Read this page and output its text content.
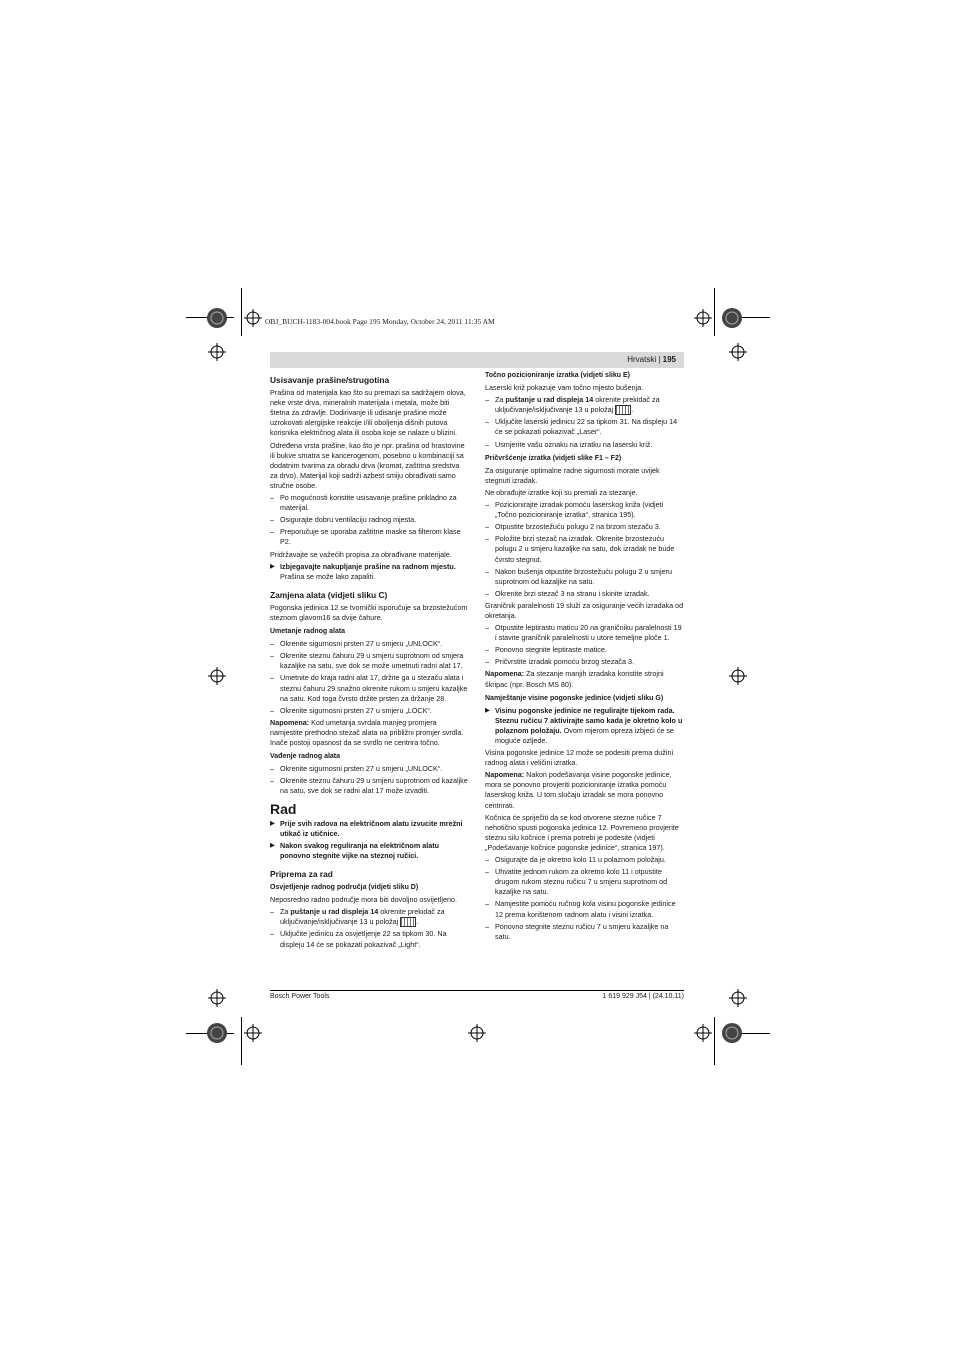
OBJ_BUCH-1183-004.book Page 195 Monday, October 24, 2011 11:35 AM
Hrvatski | 195
Usisavanje prašine/strugotina

Prašina od materijala kao što su premazi sa sadržajem olova, neke vrste drva, mineralnih materijala i metala, može biti štetna za zdravlje. Dodirivanje ili udisanje prašine može uzrokovati alergijske reakcije i/ili oboljenja dišnih putova korisnika električnog alata ili osoba koje se nalaze u blizini.

Određena vrsta prašine, kao što je npr. prašina od hrastovine ili bukve smatra se kancerogenom, posebno u kombinaciji sa dodatnim tvarima za obradu drva (kromat, zaštitna sredstva za drvo). Materijal koji sadrži azbest smiju obrađivati samo stručne osobe.

– Po mogućnosti koristite usisavanje prašine prikladno za materijal.

– Osigurajte dobru ventilaciju radnog mjesta.

– Preporučuje se uporaba zaštitne maske sa filterom klase P2.

Pridržavajte se važećih propisa za obrađivane materijale.

▶ Izbjegavajte nakupljanje prašine na radnom mjestu. Prašina se može lako zapaliti.

Zamjena alata (vidjeti sliku C)

Pogonska jedinica 12 se tvornički isporučuje sa brzostežućom steznom glavom16 sa dvije čahure.

Umetanje radnog alata

– Okrenite sigurnosni prsten 27 u smjeru „UNLOCK“.

– Okrenite steznu čahuru 29 u smjeru suprotnom od smjera kazaljke na satu, sve dok se može umetnuti radni alat 17.

– Umetnite do kraja radni alat 17, držite ga u stezaču alata i steznu čahuru 29 snažno okrenite rukom u smjeru kazaljke na satu. Kod toga čvrsto držite prsten za držanje 28.

– Okrenite sigurnosni prsten 27 u smjeru „LOCK“.

Napomena: Kod umetanja svrdala manjeg promjera namjestite prethodno stezač alata na približni promjer svrdla. Inače postoji opasnost da se svrdlo ne centrira točno.

Vađenje radnog alata

– Okrenite sigurnosni prsten 27 u smjeru „UNLOCK“.

– Okrenite steznu čahuru 29 u smjeru suprotnom od kazaljke na satu, sve dok se radni alat 17 može izvaditi.

Rad

▶ Prije svih radova na električnom alatu izvucite mrežni utikač iz utičnice.

▶ Nakon svakog reguliranja na električnom alatu ponovno stegnite vijke na steznoj ručici.

Priprema za rad
Osvjetljenje radnog područja (vidjeti sliku D)

Neposredno radno područje mora biti dovoljno osvijetljeno.

– Za puštanje u rad displeja 14 okrenite prekidač za uključivanje/isključivanje 13 u položaj	.

– Uključite jedinicu za osvjetljenje 22 sa tipkom 30. Na displeju 14 će se pokazati pokazivač „Light“.

Točno pozicioniranje izratka (vidjeti sliku E)

Laserski križ pokazuje vam točno mjesto bušenja.

– Za puštanje u rad displeja 14 okrenite prekidač za uključivanje/isključivanje 13 u položaj	.

– Uključite laserski jedinicu 22 sa tipkom 31. Na displeju 14 će se pokazati pokazivač „Laser“.

– Usmjerite vašu oznaku na izratku na laserski križ.

Pričvršćenje izratka (vidjeti slike F1 – F2)

Za osiguranje optimalne radne sigurnosti morate uvijek stegnuti izradak.

Ne obrađujte izratke koji su premali za stezanje.

– Pozicionirajte izradak pomoću laserskog križa (vidjeti „Točno pozicioniranje izratka“, stranica 195).

– Otpustite brzostežuću polugu 2 na brzom stezaču 3.

– Položite brzi stezač na izradak. Okrenite brzostezuću polugu 2 u smjeru kazaljke na satu, dok izradak ne bude čvrsto stegnut.

– Nakon bušenja otpustite brzostežuću polugu 2 u smjeru suprotnom od kazaljke na satu.

– Okrenite brzi stezač 3 na stranu i skinite izradak.

Graničnik paralelnosti 19 služi za osiguranje većih izradaka od okretanja.

– Otpustite leptirastu maticu 20 na graničniku paralelnosti 19 i stavite graničnik paralelnosti u utore temeljne ploče 1.

– Ponovno stegnite leptiraste matice.

– Pričvrstite izradak pomoću brzog stezača 3.

Napomena: Za stezanje manjih izradaka koristite strojni škripac (npr. Bosch MS 80).

Namještanje visine pogonske jedinice (vidjeti sliku G)

▶ Visinu pogonske jedinice ne regulirajte tijekom rada. Steznu ručicu 7 aktivirajte samo kada je okretno kolo u polaznom položaju. Ovom mjerom opreza izbjeći će se moguće ozljede.

Visina pogonske jedinice 12 može se podesiti prema dužini radnog alata i veličini izratka.

Napomena: Nakon podešavanja visine pogonske jedinice, mora se ponovno provjeriti pozicioniranje izratka pomoću laserskog križa. U tom slučaju izradak se mora ponovno centrirati.

Kočnica će spriječiti da se kod otvorene stezne ručice 7 nehotično spusti pogonska jedinica 12. Povremeno provjerite steznu silu kočnice i prema potrebi je podesite (vidjeti „Podešavanje kočnice pogonske jedinice“, stranica 197).

– Osigurajte da je okretno kolo 11 u polaznom položaju.

– Uhvatite jednom rukom za okretno kolo 11 i otpustite drugom rukom steznu ručicu 7 u smjeru suprotnom od kazaljke na satu.

– Namjestite pomoću ručnog kola visinu pogonske jedinice 12 prema korištenom radnom alatu i visini izratka.

– Ponovno stegnite steznu ručicu 7 u smjeru kazaljke na satu.

Bosch Power Tools	1 619 929 J54 | (24.10.11)
